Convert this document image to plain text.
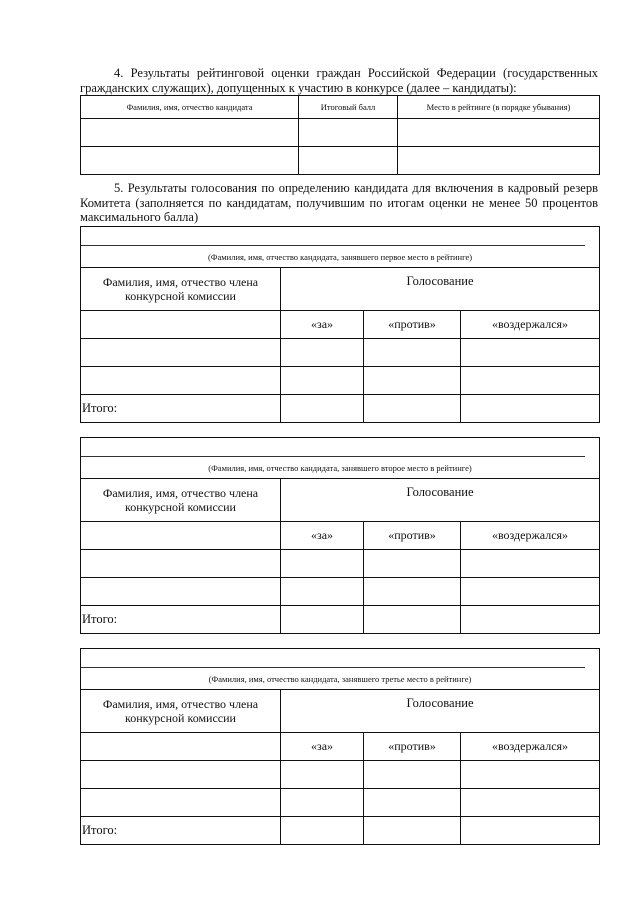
4. Результаты рейтинговой оценки граждан Российской Федерации (государственных гражданских служащих), допущенных к участию в конкурсе (далее – кандидаты):
Фамилия, имя, отчество кандидата	Итоговый балл	Место в рейтинге (в порядке убывания)

5. Результаты голосования по определению кандидата для включения в кадровый резерв Комитета (заполняется по кандидатам, получившим по итогам оценки не менее 50 процентов максимального балла)
(Фамилия, имя, отчество кандидата, занявшего первое место в рейтинге)			

Фамилия, имя, отчество члена конкурсной комиссии	Голосование		
	«за»	«против»	«воздержался»

Итого:			
(Фамилия, имя, отчество кандидата, занявшего второе место в рейтинге)			

Фамилия, имя, отчество члена конкурсной комиссии	Голосование		
	«за»	«против»	«воздержался»

Итого:			
(Фамилия, имя, отчество кандидата, занявшего третье место в рейтинге)			

Фамилия, имя, отчество члена конкурсной комиссии	Голосование		
	«за»	«против»	«воздержался»

Итого:			
